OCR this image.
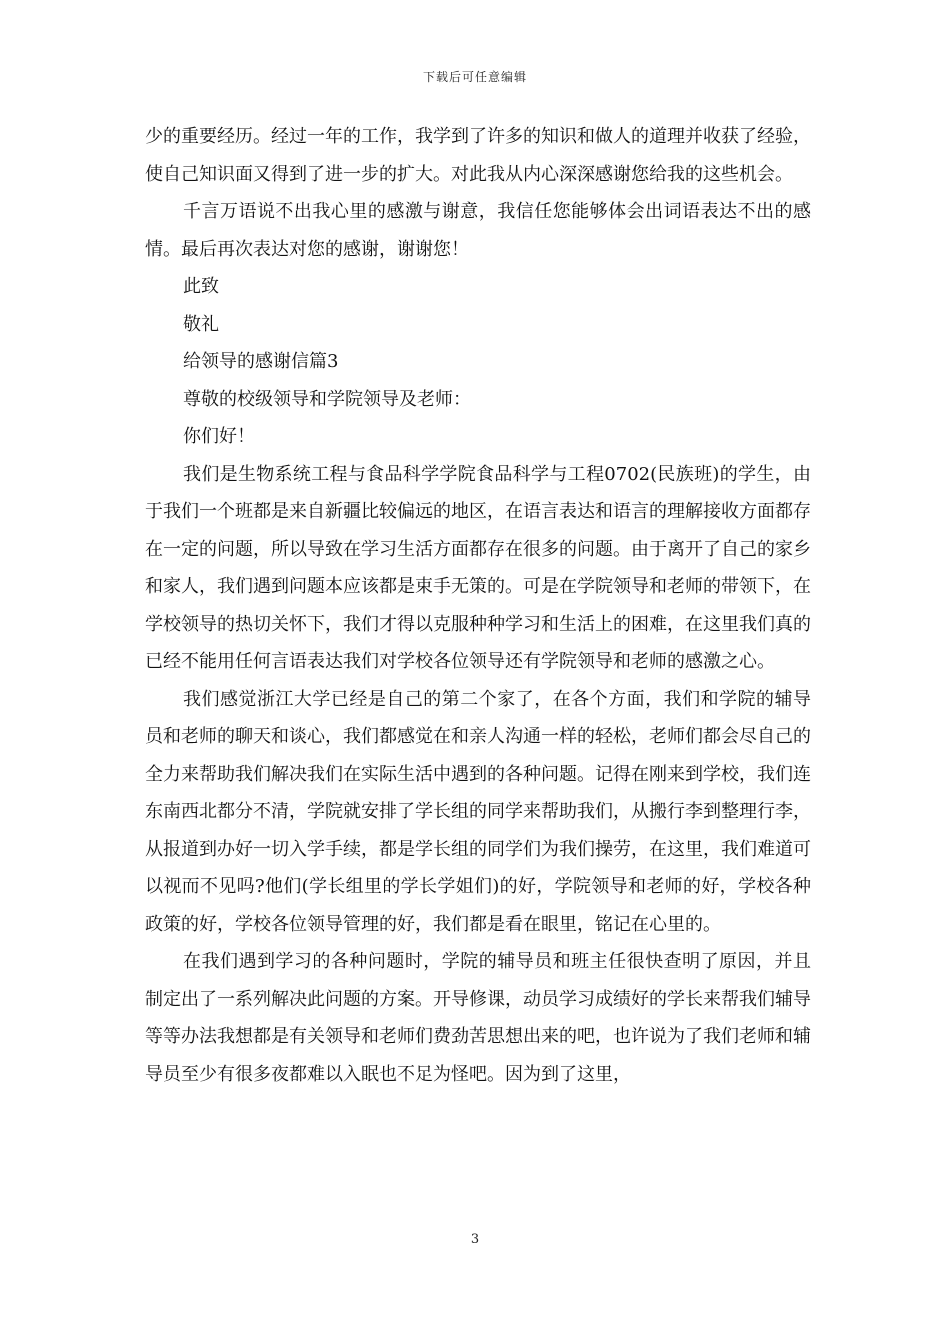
下载后可任意编辑

少的重要经历。经过一年的工作，我学到了许多的知识和做人的道理并收获了经验，使自己知识面又得到了进一步的扩大。对此我从内心深深感谢您给我的这些机会。

千言万语说不出我心里的感激与谢意，我信任您能够体会出词语表达不出的感情。最后再次表达对您的感谢，谢谢您！

此致

敬礼

给领导的感谢信篇3

尊敬的校级领导和学院领导及老师：

你们好！

我们是生物系统工程与食品科学学院食品科学与工程0702(民族班)的学生，由于我们一个班都是来自新疆比较偏远的地区，在语言表达和语言的理解接收方面都存在一定的问题，所以导致在学习生活方面都存在很多的问题。由于离开了自己的家乡和家人，我们遇到问题本应该都是束手无策的。可是在学院领导和老师的带领下，在学校领导的热切关怀下，我们才得以克服种种学习和生活上的困难，在这里我们真的已经不能用任何言语表达我们对学校各位领导还有学院领导和老师的感激之心。

我们感觉浙江大学已经是自己的第二个家了，在各个方面，我们和学院的辅导员和老师的聊天和谈心，我们都感觉在和亲人沟通一样的轻松，老师们都会尽自己的全力来帮助我们解决我们在实际生活中遇到的各种问题。记得在刚来到学校，我们连东南西北都分不清，学院就安排了学长组的同学来帮助我们，从搬行李到整理行李，从报道到办好一切入学手续，都是学长组的同学们为我们操劳，在这里，我们难道可以视而不见吗?他们(学长组里的学长学姐们)的好，学院领导和老师的好，学校各种政策的好，学校各位领导管理的好，我们都是看在眼里，铭记在心里的。

在我们遇到学习的各种问题时，学院的辅导员和班主任很快查明了原因，并且制定出了一系列解决此问题的方案。开导修课，动员学习成绩好的学长来帮我们辅导等等办法我想都是有关领导和老师们费劲苦思想出来的吧，也许说为了我们老师和辅导员至少有很多夜都难以入眠也不足为怪吧。因为到了这里，

3
